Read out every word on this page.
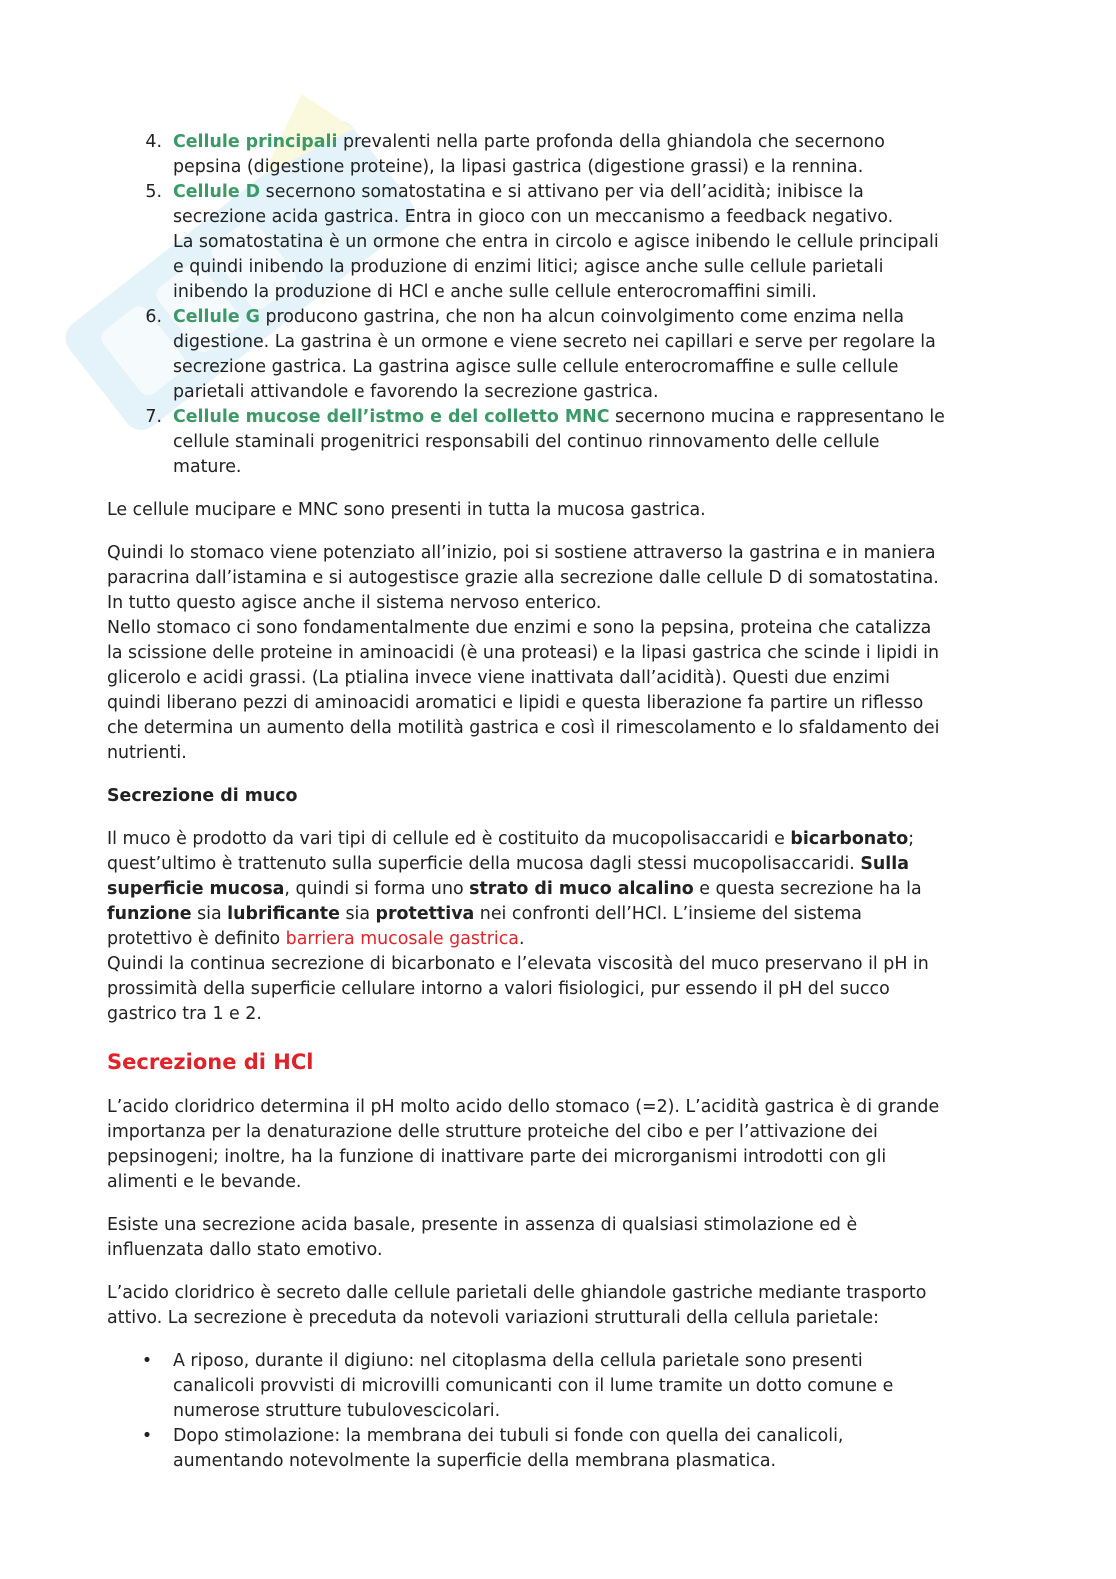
4. Cellule principali prevalenti nella parte profonda della ghiandola che secernono
pepsina (digestione proteine), la lipasi gastrica (digestione grassi) e la rennina.
5. Cellule D secernono somatostatina e si attivano per via dell’acidità; inibisce la
secrezione acida gastrica. Entra in gioco con un meccanismo a feedback negativo.
La somatostatina è un ormone che entra in circolo e agisce inibendo le cellule principali
e quindi inibendo la produzione di enzimi litici; agisce anche sulle cellule parietali
inibendo la produzione di HCl e anche sulle cellule enterocromaffini simili.
6. Cellule G producono gastrina, che non ha alcun coinvolgimento come enzima nella
digestione. La gastrina è un ormone e viene secreto nei capillari e serve per regolare la
secrezione gastrica. La gastrina agisce sulle cellule enterocromaffine e sulle cellule
parietali attivandole e favorendo la secrezione gastrica.
7. Cellule mucose dell’istmo e del colletto MNC secernono mucina e rappresentano le
cellule staminali progenitrici responsabili del continuo rinnovamento delle cellule
mature.

Le cellule mucipare e MNC sono presenti in tutta la mucosa gastrica.

Quindi lo stomaco viene potenziato all’inizio, poi si sostiene attraverso la gastrina e in maniera
paracrina dall’istamina e si autogestisce grazie alla secrezione dalle cellule D di somatostatina.
In tutto questo agisce anche il sistema nervoso enterico.
Nello stomaco ci sono fondamentalmente due enzimi e sono la pepsina, proteina che catalizza
la scissione delle proteine in aminoacidi (è una proteasi) e la lipasi gastrica che scinde i lipidi in
glicerolo e acidi grassi. (La ptialina invece viene inattivata dall’acidità). Questi due enzimi
quindi liberano pezzi di aminoacidi aromatici e lipidi e questa liberazione fa partire un riflesso
che determina un aumento della motilità gastrica e così il rimescolamento e lo sfaldamento dei
nutrienti.

Secrezione di muco

Il muco è prodotto da vari tipi di cellule ed è costituito da mucopolisaccaridi e bicarbonato;
quest’ultimo è trattenuto sulla superficie della mucosa dagli stessi mucopolisaccaridi. Sulla
superficie mucosa, quindi si forma uno strato di muco alcalino e questa secrezione ha la
funzione sia lubrificante sia protettiva nei confronti dell’HCl. L’insieme del sistema
protettivo è definito barriera mucosale gastrica.
Quindi la continua secrezione di bicarbonato e l’elevata viscosità del muco preservano il pH in
prossimità della superficie cellulare intorno a valori fisiologici, pur essendo il pH del succo
gastrico tra 1 e 2.

Secrezione di HCl

L’acido cloridrico determina il pH molto acido dello stomaco (=2). L’acidità gastrica è di grande
importanza per la denaturazione delle strutture proteiche del cibo e per l’attivazione dei
pepsinogeni; inoltre, ha la funzione di inattivare parte dei microrganismi introdotti con gli
alimenti e le bevande.

Esiste una secrezione acida basale, presente in assenza di qualsiasi stimolazione ed è
influenzata dallo stato emotivo.

L’acido cloridrico è secreto dalle cellule parietali delle ghiandole gastriche mediante trasporto
attivo. La secrezione è preceduta da notevoli variazioni strutturali della cellula parietale:

• A riposo, durante il digiuno: nel citoplasma della cellula parietale sono presenti
canalicoli provvisti di microvilli comunicanti con il lume tramite un dotto comune e
numerose strutture tubulovescicolari.
• Dopo stimolazione: la membrana dei tubuli si fonde con quella dei canalicoli,
aumentando notevolmente la superficie della membrana plasmatica.
